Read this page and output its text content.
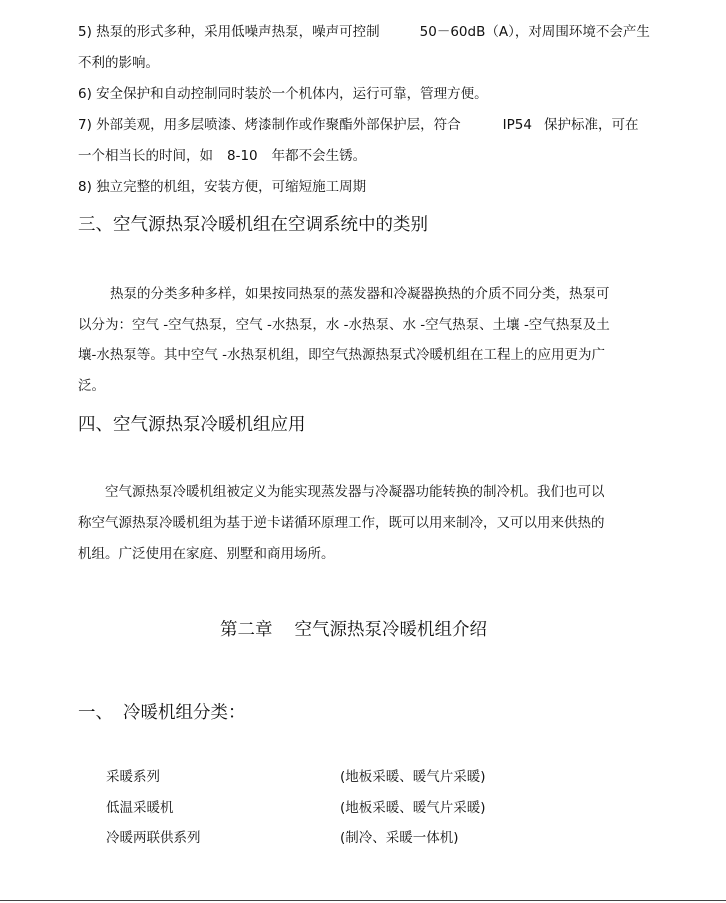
5) 热泵的形式多种，采用低噪声热泵，噪声可控制	50－60dB（A），对周围环境不会产生
不利的影响。
6) 安全保护和自动控制同时装於一个机体内，运行可靠，管理方便。
7) 外部美观，用多层喷漆、烤漆制作或作聚酯外部保护层，符合	IP54 保护标准，可在
一个相当长的时间，如 8-10 年都不会生锈。
8) 独立完整的机组，安装方便，可缩短施工周期
三、空气源热泵冷暖机组在空调系统中的类别
热泵的分类多种多样，如果按同热泵的蒸发器和冷凝器换热的介质不同分类，热泵可
以分为：空气 -空气热泵，空气 -水热泵，水 -水热泵、水 -空气热泵、土壤 -空气热泵及土
壤-水热泵等。其中空气 -水热泵机组，即空气热源热泵式冷暖机组在工程上的应用更为广
泛。
四、空气源热泵冷暖机组应用
空气源热泵冷暖机组被定义为能实现蒸发器与冷凝器功能转换的制冷机。我们也可以
称空气源热泵冷暖机组为基于逆卡诺循环原理工作，既可以用来制冷，又可以用来供热的
机组。广泛使用在家庭、别墅和商用场所。
第二章 空气源热泵冷暖机组介绍
一、 冷暖机组分类：
采暖系列	(地板采暖、暖气片采暖)
低温采暖机	(地板采暖、暖气片采暖)
冷暖两联供系列	(制冷、采暖一体机)
